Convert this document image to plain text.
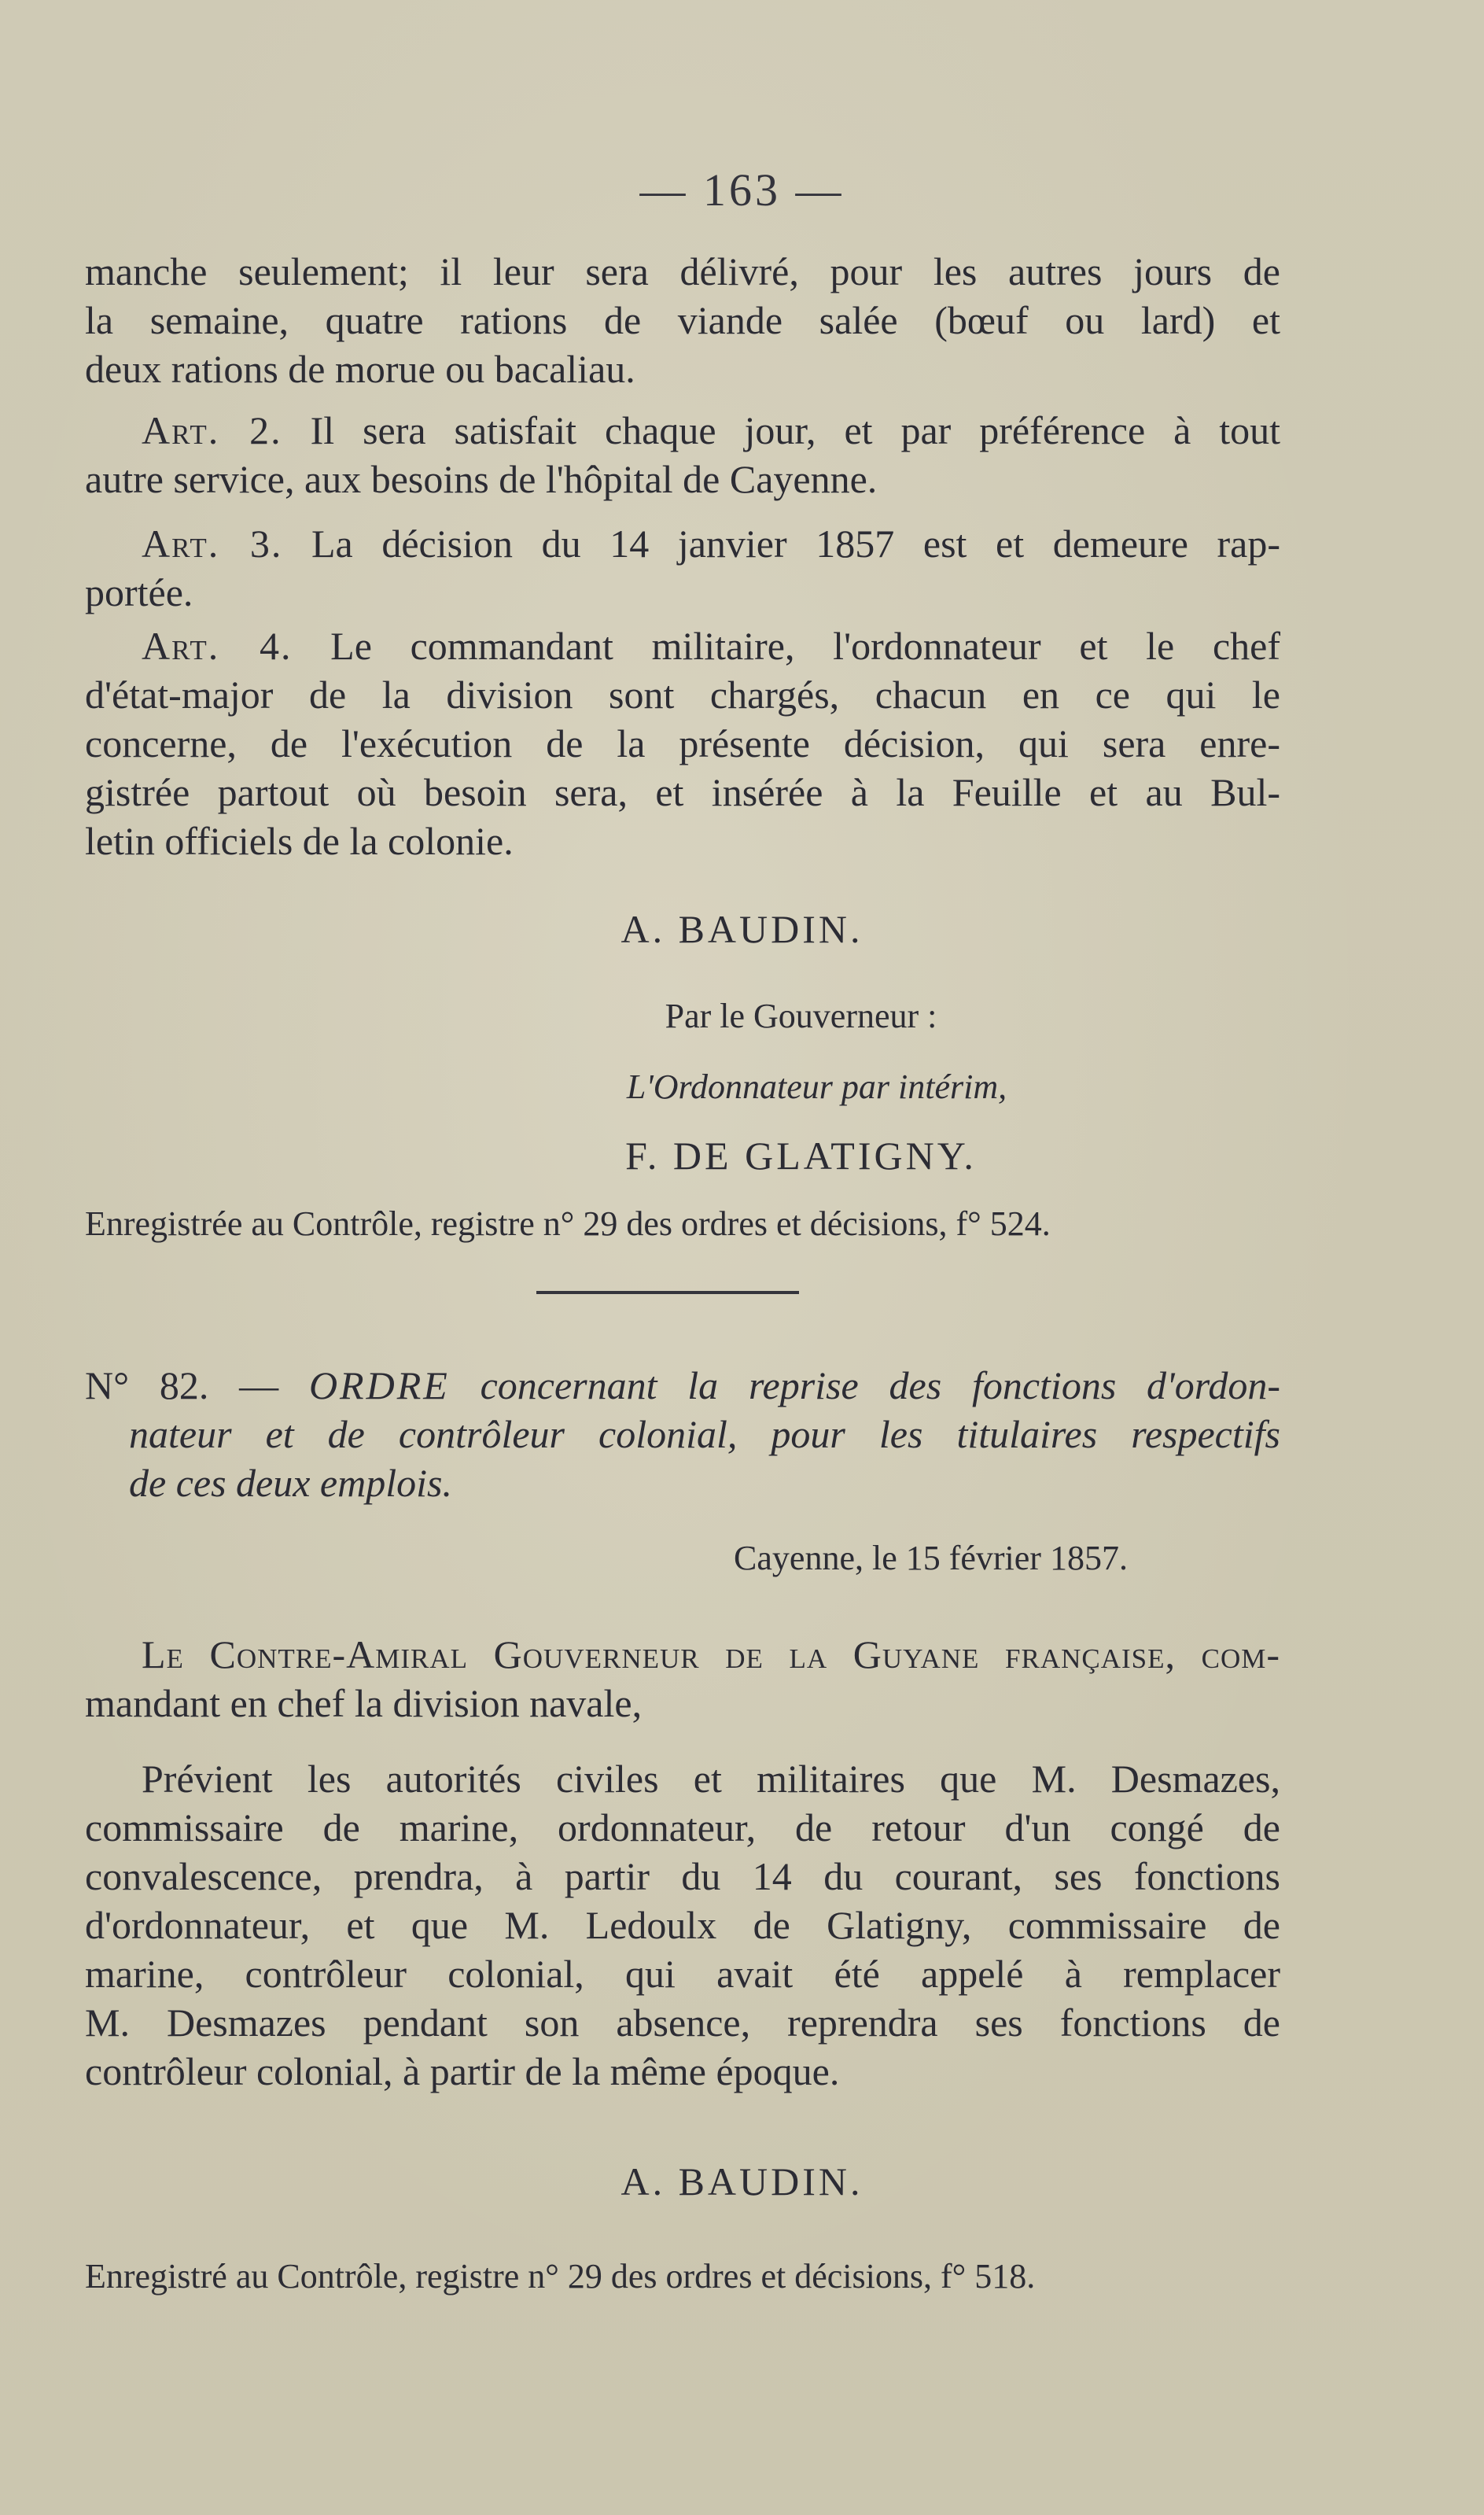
— 163 —
manche seulement; il leur sera délivré, pour les autres jours de
la semaine, quatre rations de viande salée (bœuf ou lard) et
deux rations de morue ou bacaliau.
Art. 2. Il sera satisfait chaque jour, et par préférence à tout
autre service, aux besoins de l'hôpital de Cayenne.
Art. 3. La décision du 14 janvier 1857 est et demeure rap-
portée.
Art. 4. Le commandant militaire, l'ordonnateur et le chef
d'état-major de la division sont chargés, chacun en ce qui le
concerne, de l'exécution de la présente décision, qui sera enre-
gistrée partout où besoin sera, et insérée à la Feuille et au Bul-
letin officiels de la colonie.
A. BAUDIN.
Par le Gouverneur :
L'Ordonnateur par intérim,
F. DE GLATIGNY.
Enregistrée au Contrôle, registre n° 29 des ordres et décisions, f° 524.
N° 82. — ORDRE concernant la reprise des fonctions d'ordon-
nateur et de contrôleur colonial, pour les titulaires respectifs
de ces deux emplois.
Cayenne, le 15 février 1857.
Le Contre-Amiral Gouverneur de la Guyane française, com-
mandant en chef la division navale,
Prévient les autorités civiles et militaires que M. Desmazes,
commissaire de marine, ordonnateur, de retour d'un congé de
convalescence, prendra, à partir du 14 du courant, ses fonctions
d'ordonnateur, et que M. Ledoulx de Glatigny, commissaire de
marine, contrôleur colonial, qui avait été appelé à remplacer
M. Desmazes pendant son absence, reprendra ses fonctions de
contrôleur colonial, à partir de la même époque.
A. BAUDIN.
Enregistré au Contrôle, registre n° 29 des ordres et décisions, f° 518.
